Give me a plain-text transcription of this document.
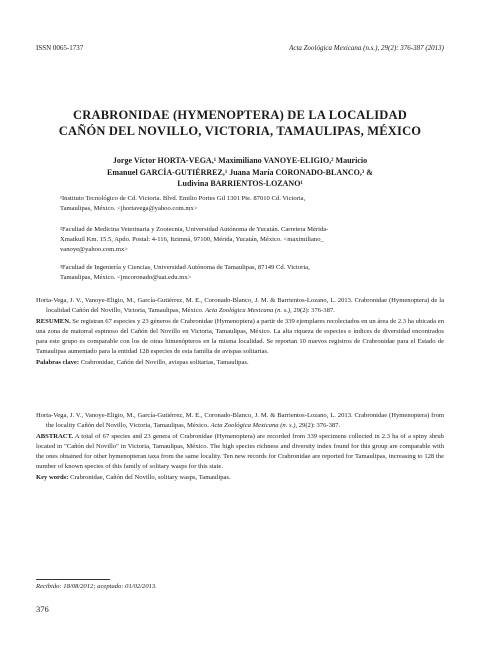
ISSN 0065-1737	Acta Zoológica Mexicana (n.s.), 29(2): 376-387 (2013)
CRABRONIDAE (HYMENOPTERA) DE LA LOCALIDAD
CAÑÓN DEL NOVILLO, VICTORIA, TAMAULIPAS, MÉXICO
Jorge Víctor HORTA-VEGA,¹ Maximiliano VANOYE-ELIGIO,² Mauricio
Emanuel GARCÍA-GUTIÉRREZ,¹ Juana María CORONADO-BLANCO,³ &
Ludivina BARRIENTOS-LOZANO¹
¹Instituto Tecnológico de Cd. Victoria. Blvd. Emilio Portes Gil 1301 Pte. 87010 Cd. Victoria,
Tamaulipas, México. <jhortavega@yahoo.com.mx>
²Facultad de Medicina Veterinaria y Zootecnia, Universidad Autónoma de Yucatán. Carretera Mérida-
Xmatkuil Km. 15.5, Apdo. Postal: 4-116, Itzimná, 97100, Mérida, Yucatán, México. <maximiliano_
vanoye@yahoo.com.mx>
³Facultad de Ingeniería y Ciencias, Universidad Autónoma de Tamaulipas, 87149 Cd. Victoria,
Tamaulipas, México. <jmcoronado@uat.edu.mx>
Horta-Vega, J. V., Vanoye-Eligio, M., García-Gutiérrez, M. E., Coronado-Blanco, J. M. & Barrientos-Lozano, L. 2013. Crabronidae (Hymenoptera) de la localidad Cañón del Novillo, Victoria, Tamaulipas, México. Acta Zoológica Mexicana (n. s.), 29(2): 376-387.
RESUMEN. Se registran 67 especies y 23 géneros de Crabronidae (Hymenoptera) a partir de 339 ejemplares recolectados en un área de 2.3 ha ubicada en una zona de matorral espinoso del Cañón del Novillo en Victoria, Tamaulipas, México. La alta riqueza de especies e índices de diversidad encontrados para este grupo es comparable con los de otras himenópteros en la misma localidad. Se reportan 10 nuevos registros de Crabronidae para el Estado de Tamaulipas aumentado para la entidad 128 especies de esta familia de avispas solitarias.
Palabras clave: Crabronidae, Cañón del Novillo, avispas solitarias, Tamaulipas.
Horta-Vega, J. V., Vanoye-Eligio, M., García-Gutiérrez, M. E., Coronado-Blanco, J. M. & Barrientos-Lozano, L. 2013. Crabronidae (Hymenoptera) from the locality Cañón del Novillo, Victoria, Tamaulipas, México. Acta Zoológica Mexicana (n. s.), 29(2): 376-387.
ABSTRACT. A total of 67 species and 23 genera of Crabronidae (Hymenoptera) are recorded from 339 specimens collected in 2.3 ha of a spiny shrub located in "Cañón del Novillo" in Victoria, Tamaulipas, México. The high species richness and diversity index found for this group are comparable with the ones obtained for other hymenopteran taxa from the same locality. Ten new records for Crabronidae are reported for Tamaulipas, increasing to 128 the number of known species of this family of solitary wasps for this state.
Key words: Crabronidae, Cañón del Novillo, solitary wasps, Tamaulipas.
Recibido: 18/08/2012; aceptado: 01/02/2013.
376
